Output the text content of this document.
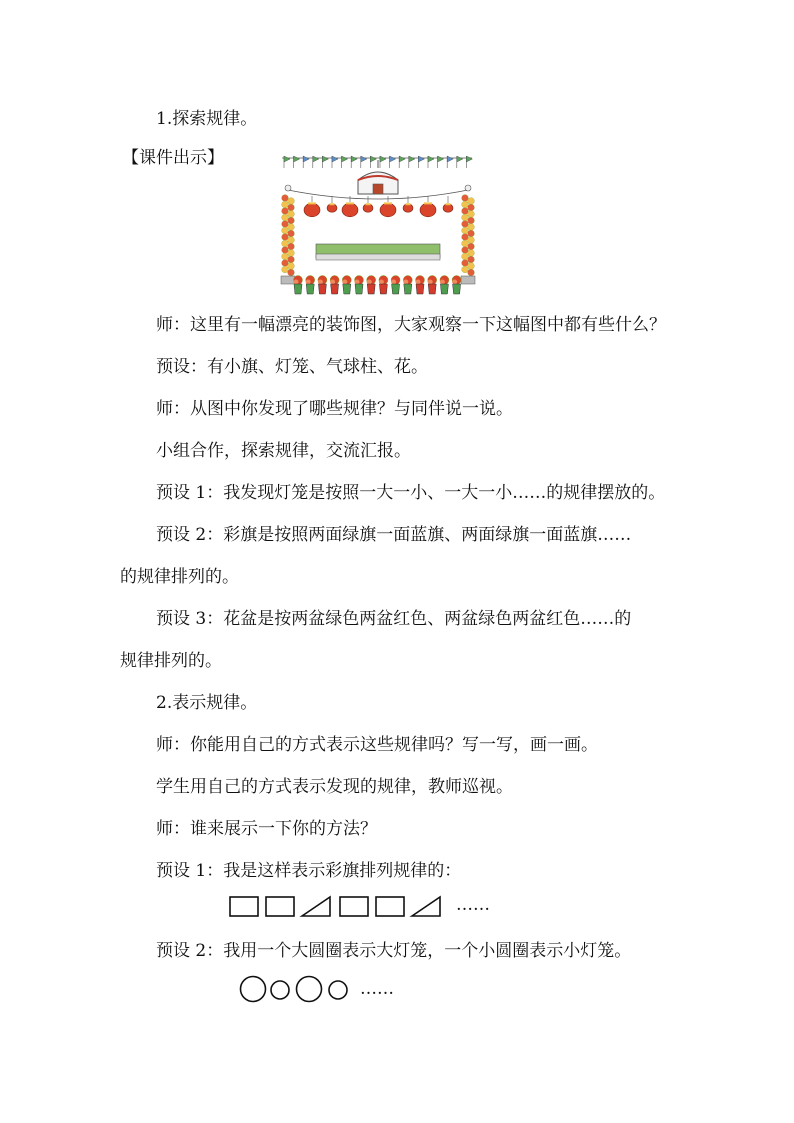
1.探索规律。
【课件出示】
师：这里有一幅漂亮的装饰图，大家观察一下这幅图中都有些什么？
预设：有小旗、灯笼、气球柱、花。
师：从图中你发现了哪些规律？与同伴说一说。
小组合作，探索规律，交流汇报。
预设 1：我发现灯笼是按照一大一小、一大一小……的规律摆放的。
预设 2：彩旗是按照两面绿旗一面蓝旗、两面绿旗一面蓝旗……
的规律排列的。
预设 3：花盆是按两盆绿色两盆红色、两盆绿色两盆红色……的
规律排列的。
2.表示规律。
师：你能用自己的方式表示这些规律吗？写一写，画一画。
学生用自己的方式表示发现的规律，教师巡视。
师：谁来展示一下你的方法？
预设 1：我是这样表示彩旗排列规律的：
……
预设 2：我用一个大圆圈表示大灯笼，一个小圆圈表示小灯笼。
……
